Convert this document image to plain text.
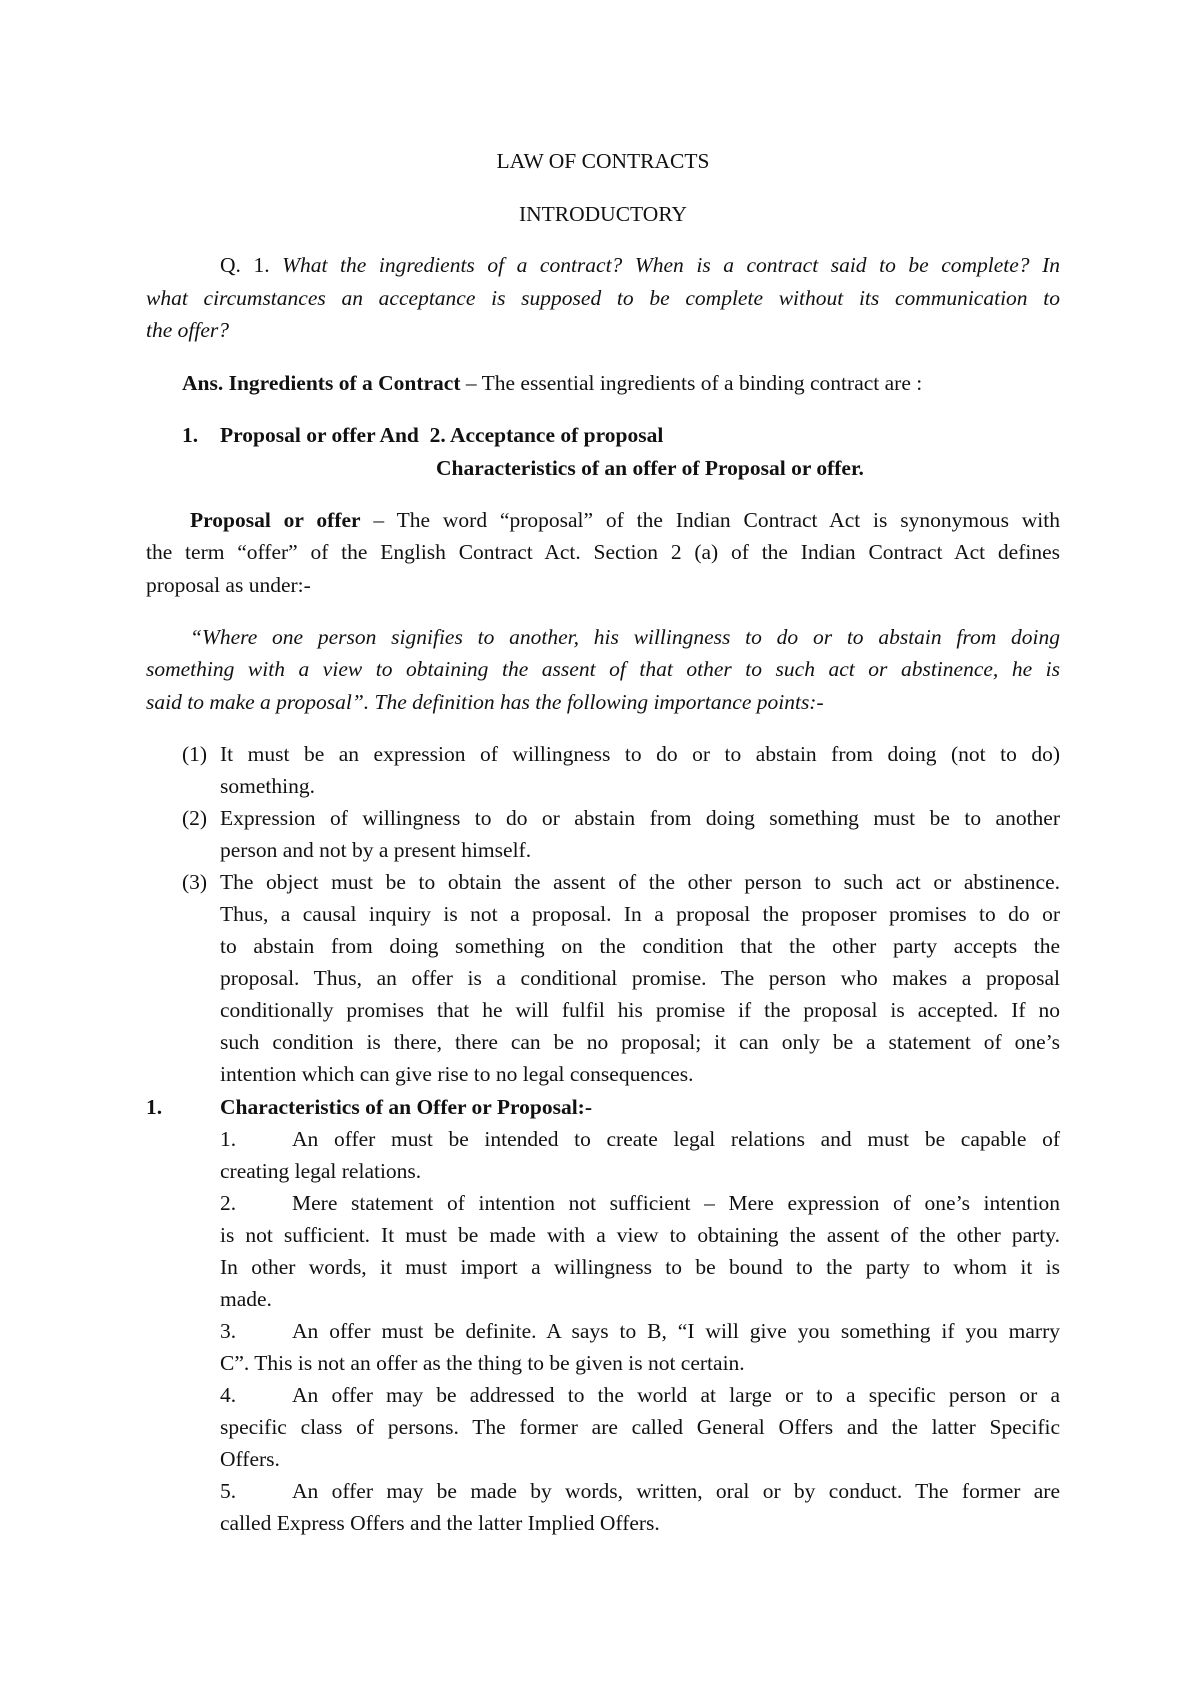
LAW OF CONTRACTS
INTRODUCTORY
Q. 1. What the ingredients of a contract? When is a contract said to be complete? In
what circumstances an acceptance is supposed to be complete without its communication to
the offer?
Ans. Ingredients of a Contract – The essential ingredients of a binding contract are :
1. Proposal or offer And 2. Acceptance of proposal
Characteristics of an offer of Proposal or offer.
Proposal or offer – The word “proposal” of the Indian Contract Act is synonymous with
the term “offer” of the English Contract Act. Section 2 (a) of the Indian Contract Act defines
proposal as under:-
“Where one person signifies to another, his willingness to do or to abstain from doing
something with a view to obtaining the assent of that other to such act or abstinence, he is
said to make a proposal”. The definition has the following importance points:-
(1) It must be an expression of willingness to do or to abstain from doing (not to do)
something.
(2) Expression of willingness to do or abstain from doing something must be to another
person and not by a present himself.
(3) The object must be to obtain the assent of the other person to such act or abstinence.
Thus, a causal inquiry is not a proposal. In a proposal the proposer promises to do or
to abstain from doing something on the condition that the other party accepts the
proposal. Thus, an offer is a conditional promise. The person who makes a proposal
conditionally promises that he will fulfil his promise if the proposal is accepted. If no
such condition is there, there can be no proposal; it can only be a statement of one’s
intention which can give rise to no legal consequences.
1.	Characteristics of an Offer or Proposal:-
1.	An offer must be intended to create legal relations and must be capable of
creating legal relations.
2.	Mere statement of intention not sufficient – Mere expression of one’s intention
is not sufficient. It must be made with a view to obtaining the assent of the other party.
In other words, it must import a willingness to be bound to the party to whom it is
made.
3.	An offer must be definite. A says to B, “I will give you something if you marry
C”. This is not an offer as the thing to be given is not certain.
4.	An offer may be addressed to the world at large or to a specific person or a
specific class of persons. The former are called General Offers and the latter Specific
Offers.
5.	An offer may be made by words, written, oral or by conduct. The former are
called Express Offers and the latter Implied Offers.
